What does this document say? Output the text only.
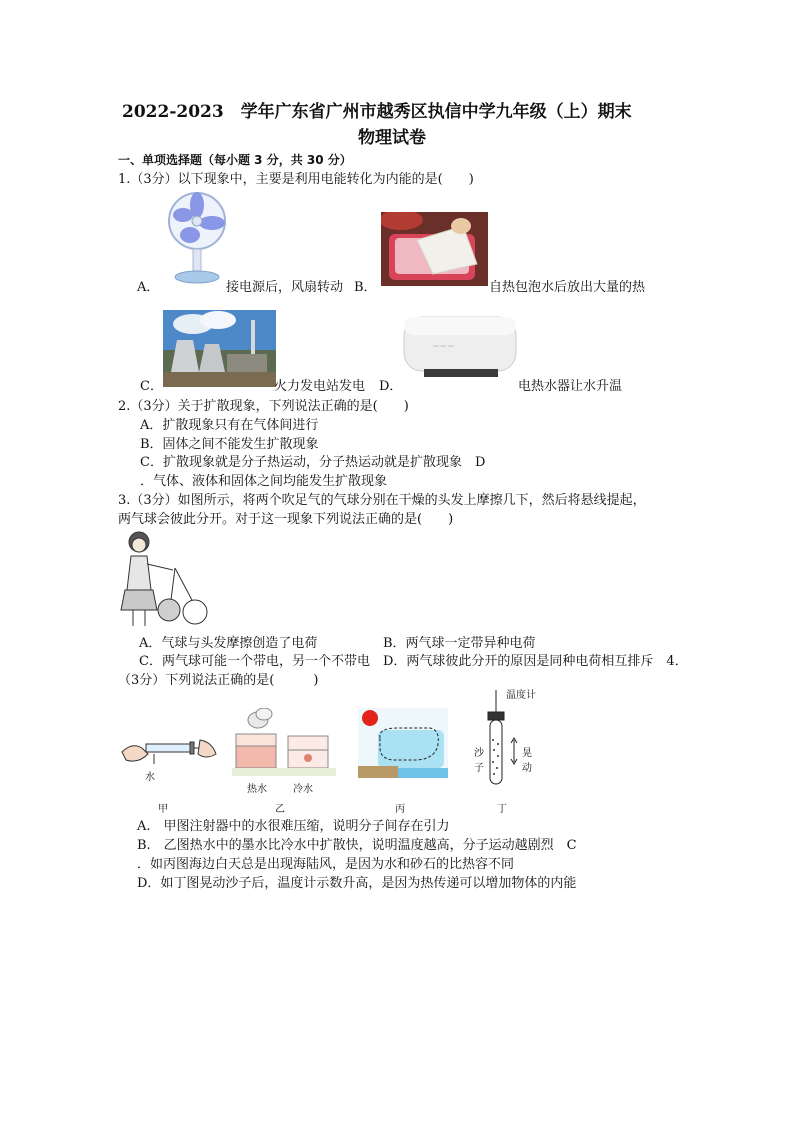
2022-2023　学年广东省广州市越秀区执信中学九年级（上）期末
物理试卷
一、单项选择题（每小题 3 分，共 30 分）
1.（3分）以下现象中，主要是利用电能转化为内能的是(　　)
A．	接电源后，风扇转动 B．	自热包泡水后放出大量的热
C．	火力发电站发电 D．
~~~
电热水器让水升温
2.（3分）关于扩散现象，下列说法正确的是(　　)
A．扩散现象只有在气体间进行
B．固体之间不能发生扩散现象
C．扩散现象就是分子热运动，分子热运动就是扩散现象　D
．气体、液体和固体之间均能发生扩散现象
3.（3分）如图所示，将两个吹足气的气球分别在干燥的头发上摩擦几下，然后将悬线提起，
两气球会彼此分开。对于这一现象下列说法正确的是(　　)
A．气球与头发摩擦创造了电荷	B．两气球一定带异种电荷
C．两气球可能一个带电，另一个不带电 D．两气球彼此分开的原因是同种电荷相互排斥　4．
（3分）下列说法正确的是(　　　)
水
热水	冷水
温度计
沙
子
晃
动
甲	乙	丙	丁
A.　甲图注射器中的水很难压缩，说明分子间存在引力
B.　乙图热水中的墨水比冷水中扩散快，说明温度越高，分子运动越剧烈　C
．如丙图海边白天总是出现海陆风，是因为水和砂石的比热容不同
D．如丁图晃动沙子后，温度计示数升高，是因为热传递可以增加物体的内能
